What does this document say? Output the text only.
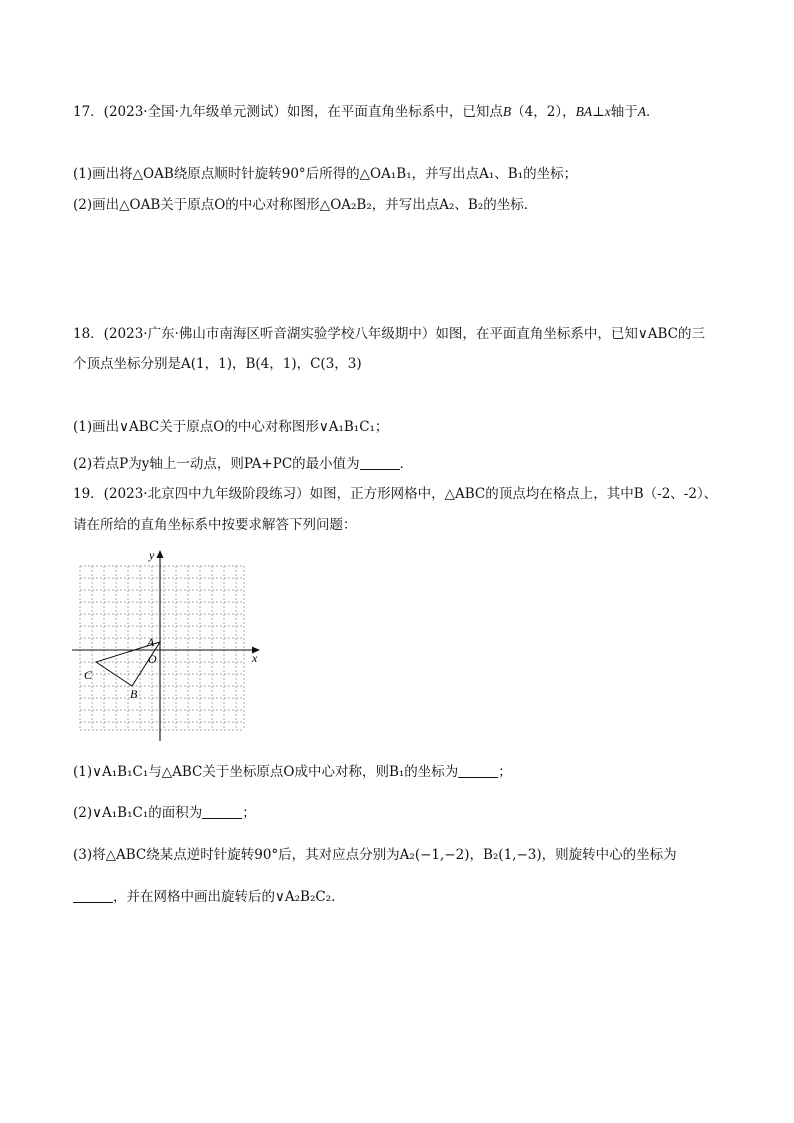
17．(2023·全国·九年级单元测试）如图，在平面直角坐标系中，已知点B（4，2），BA⊥x轴于A．
(1)画出将△OAB绕原点顺时针旋转90°后所得的△OA₁B₁，并写出点A₁、B₁的坐标；
(2)画出△OAB关于原点O的中心对称图形△OA₂B₂，并写出点A₂、B₂的坐标．
18．(2023·广东·佛山市南海区听音湖实验学校八年级期中）如图，在平面直角坐标系中，已知∨ABC的三
个顶点坐标分别是A(1，1)，B(4，1)，C(3，3)
(1)画出∨ABC关于原点O的中心对称图形∨A₁B₁C₁；
(2)若点P为y轴上一动点，则PA+PC的最小值为	．
19．(2023·北京四中九年级阶段练习）如图，正方形网格中，△ABC的顶点均在格点上，其中B（-2、-2）、
请在所给的直角坐标系中按要求解答下列问题：
x
y
O
A
B
C
(1)∨A₁B₁C₁与△ABC关于坐标原点O成中心对称，则B₁的坐标为	；
(2)∨A₁B₁C₁的面积为	；
(3)将△ABC绕某点逆时针旋转90°后，其对应点分别为A₂(−1,−2)，B₂(1,−3)，则旋转中心的坐标为
，并在网格中画出旋转后的∨A₂B₂C₂．
